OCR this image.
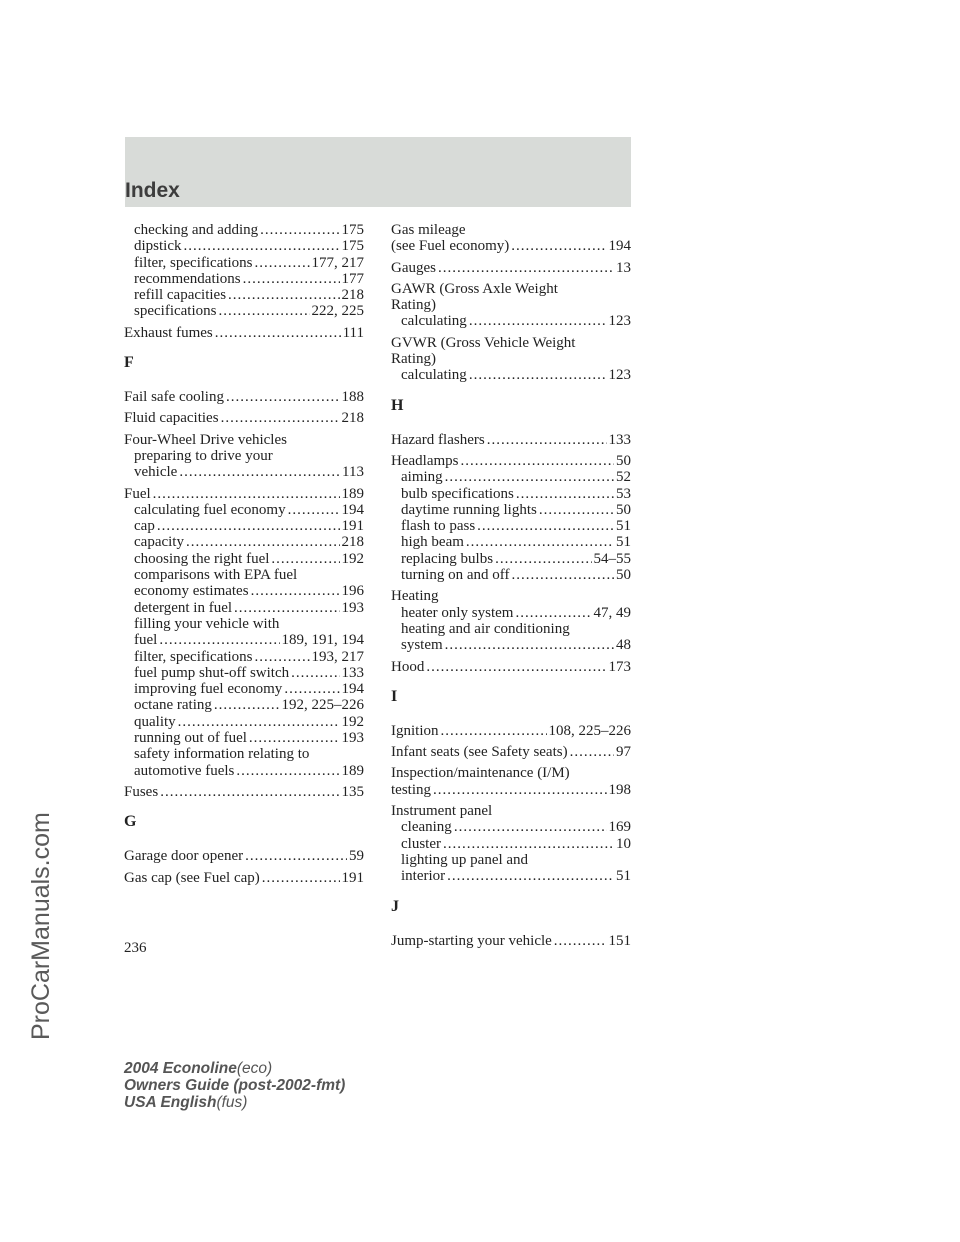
Index
ProCarManuals.com
checking and adding .....	175
dipstick .....	175
filter, specifications .....	177, 217
recommendations .....	177
refill capacities .....	218
specifications .....	222, 225
Exhaust fumes .....	111
F
Fail safe cooling .....	188
Fluid capacities .....	218
Four-Wheel Drive vehicles
preparing to drive your
vehicle .....	113
Fuel .....	189
calculating fuel economy .....	194
cap .....	191
capacity .....	218
choosing the right fuel .....	192
comparisons with EPA fuel
economy estimates .....	196
detergent in fuel .....	193
filling your vehicle with
fuel .....	189, 191, 194
filter, specifications .....	193, 217
fuel pump shut-off switch .....	133
improving fuel economy .....	194
octane rating .....	192, 225–226
quality .....	192
running out of fuel .....	193
safety information relating to
automotive fuels .....	189
Fuses .....	135
G
Garage door opener .....	59
Gas cap (see Fuel cap) .....	191
Gas mileage
(see Fuel economy) .....	194
Gauges .....	13
GAWR (Gross Axle Weight
Rating)
calculating .....	123
GVWR (Gross Vehicle Weight
Rating)
calculating .....	123
H
Hazard flashers .....	133
Headlamps .....	50
aiming .....	52
bulb specifications .....	53
daytime running lights .....	50
flash to pass .....	51
high beam .....	51
replacing bulbs .....	54–55
turning on and off .....	50
Heating
heater only system .....	47, 49
heating and air conditioning
system .....	48
Hood .....	173
I
Ignition .....	108, 225–226
Infant seats (see Safety seats) .....	97
Inspection/maintenance (I/M)
testing .....	198
Instrument panel
cleaning .....	169
cluster .....	10
lighting up panel and
interior .....	51
J
Jump-starting your vehicle .....	151
236
2004 Econoline(eco)
Owners Guide (post-2002-fmt)
USA English(fus)
